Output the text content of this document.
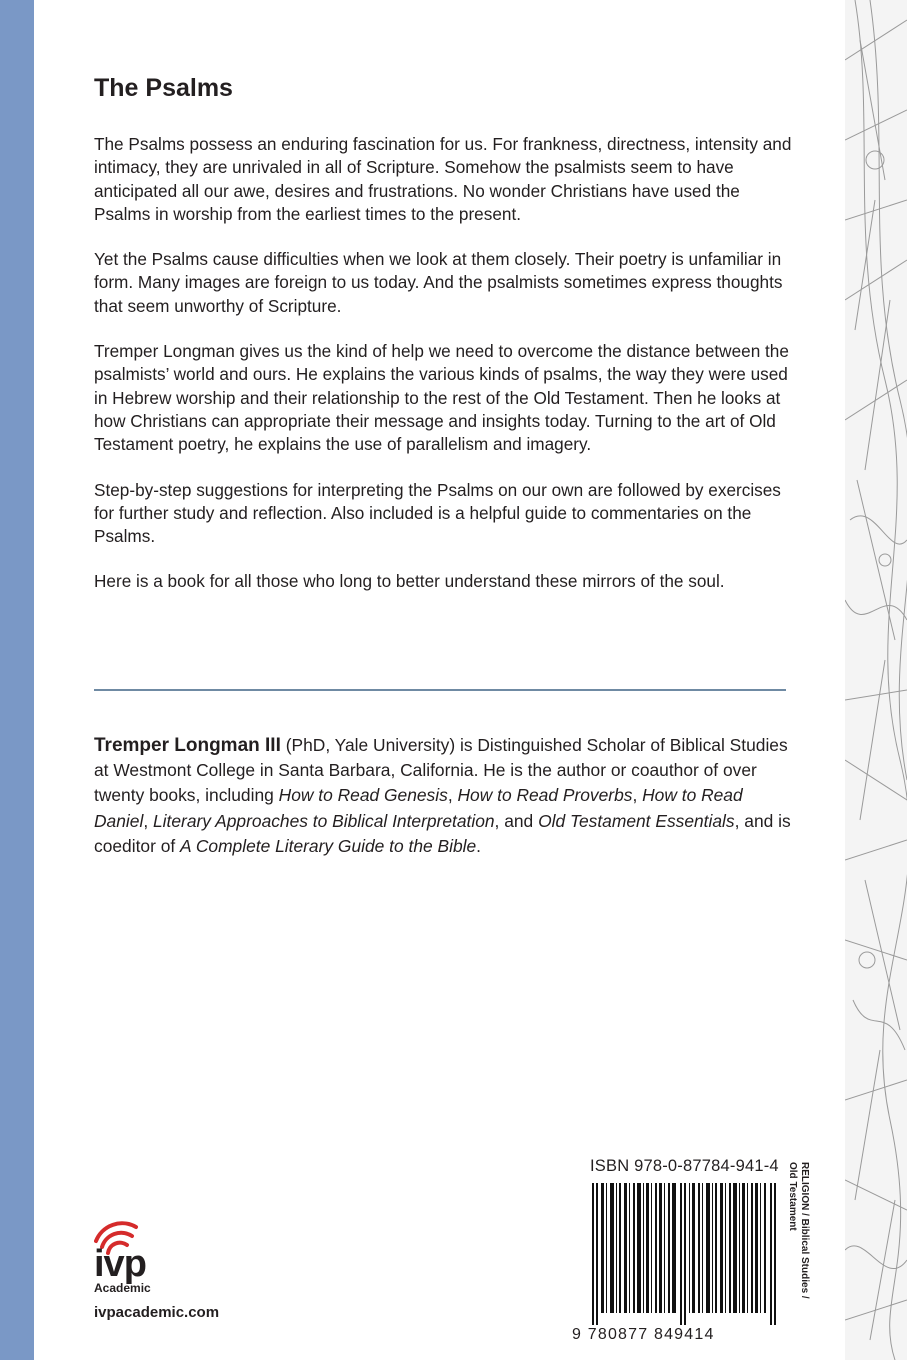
The Psalms

The Psalms possess an enduring fascination for us. For frankness, directness, intensity and intimacy, they are unrivaled in all of Scripture. Somehow the psalmists seem to have anticipated all our awe, desires and frustrations. No wonder Christians have used the Psalms in worship from the earliest times to the present.

Yet the Psalms cause difficulties when we look at them closely. Their poetry is unfamiliar in form. Many images are foreign to us today. And the psalmists sometimes express thoughts that seem unworthy of Scripture.

Tremper Longman gives us the kind of help we need to overcome the distance between the psalmists’ world and ours. He explains the various kinds of psalms, the way they were used in Hebrew worship and their relationship to the rest of the Old Testament. Then he looks at how Christians can appropriate their message and insights today. Turning to the art of Old Testament poetry, he explains the use of parallelism and imagery.

Step-by-step suggestions for interpreting the Psalms on our own are followed by exercises for further study and reflection. Also included is a helpful guide to commentaries on the Psalms.

Here is a book for all those who long to better understand these mirrors of the soul.

Tremper Longman III (PhD, Yale University) is Distinguished Scholar of Biblical Studies at Westmont College in Santa Barbara, California. He is the author or coauthor of over twenty books, including How to Read Genesis, How to Read Proverbs, How to Read Daniel, Literary Approaches to Biblical Interpretation, and Old Testament Essentials, and is coeditor of A Complete Literary Guide to the Bible.
ISBN 978-0-87784-941-4
9 780877 849414
RELIGION / Biblical Studies / Old Testament
ivp
Academic
ivpacademic.com
